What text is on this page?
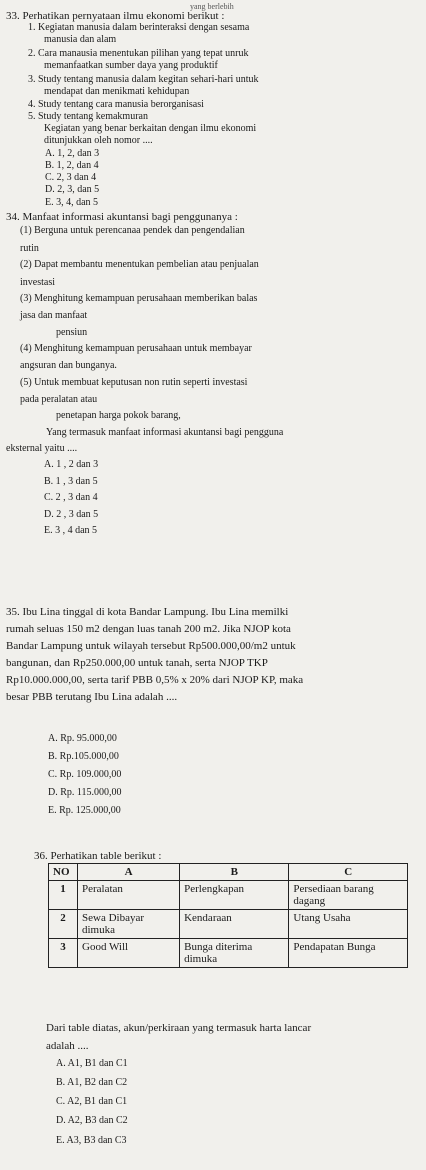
yang berlebih
33. Perhatikan pernyataan ilmu ekonomi berikut :
1. Kegiatan manusia dalam berinteraksi dengan sesama
manusia dan alam
2. Cara manausia menentukan pilihan yang tepat unruk
memanfaatkan sumber daya yang produktif
3. Study tentang manusia dalam kegitan sehari-hari untuk
mendapat dan menikmati kehidupan
4. Study tentang cara manusia berorganisasi
5. Study tentang kemakmuran
Kegiatan yang benar berkaitan dengan ilmu ekonomi
ditunjukkan oleh nomor ....
A. 1, 2, dan 3
B. 1, 2, dan 4
C. 2, 3 dan 4
D. 2, 3, dan 5
E. 3, 4, dan 5
34. Manfaat informasi akuntansi bagi penggunanya :
(1) Berguna untuk perencanaa pendek dan pengendalian
rutin
(2) Dapat membantu menentukan pembelian atau penjualan
investasi
(3) Menghitung kemampuan perusahaan memberikan balas
jasa dan manfaat
pensiun
(4) Menghitung kemampuan perusahaan untuk membayar
angsuran dan bunganya.
(5) Untuk membuat keputusan non rutin seperti investasi
pada peralatan atau
penetapan harga pokok barang,
Yang termasuk manfaat informasi akuntansi bagi pengguna
eksternal yaitu ....
A. 1 , 2 dan 3
B. 1 , 3 dan 5
C. 2 , 3 dan 4
D. 2 , 3 dan 5
E. 3 , 4 dan 5
35. Ibu Lina tinggal di kota Bandar Lampung. Ibu Lina memilki
rumah seluas 150 m2 dengan luas tanah 200 m2. Jika NJOP kota
Bandar Lampung untuk wilayah tersebut Rp500.000,00/m2 untuk
bangunan, dan Rp250.000,00 untuk tanah, serta NJOP TKP
Rp10.000.000,00, serta tarif PBB 0,5% x 20% dari NJOP KP, maka
besar PBB terutang Ibu Lina adalah ....
A. Rp. 95.000,00
B. Rp.105.000,00
C. Rp. 109.000,00
D. Rp. 115.000,00
E. Rp. 125.000,00
36. Perhatikan table berikut :
NO	A	B	C
1	Peralatan	Perlengkapan	Persediaan barang dagang
2	Sewa Dibayar dimuka	Kendaraan	Utang Usaha
3	Good Will	Bunga diterima dimuka	Pendapatan Bunga
Dari table diatas, akun/perkiraan yang termasuk harta lancar
adalah ....
A. A1, B1 dan C1
B. A1, B2 dan C2
C. A2, B1 dan C1
D. A2, B3 dan C2
E. A3, B3 dan C3
